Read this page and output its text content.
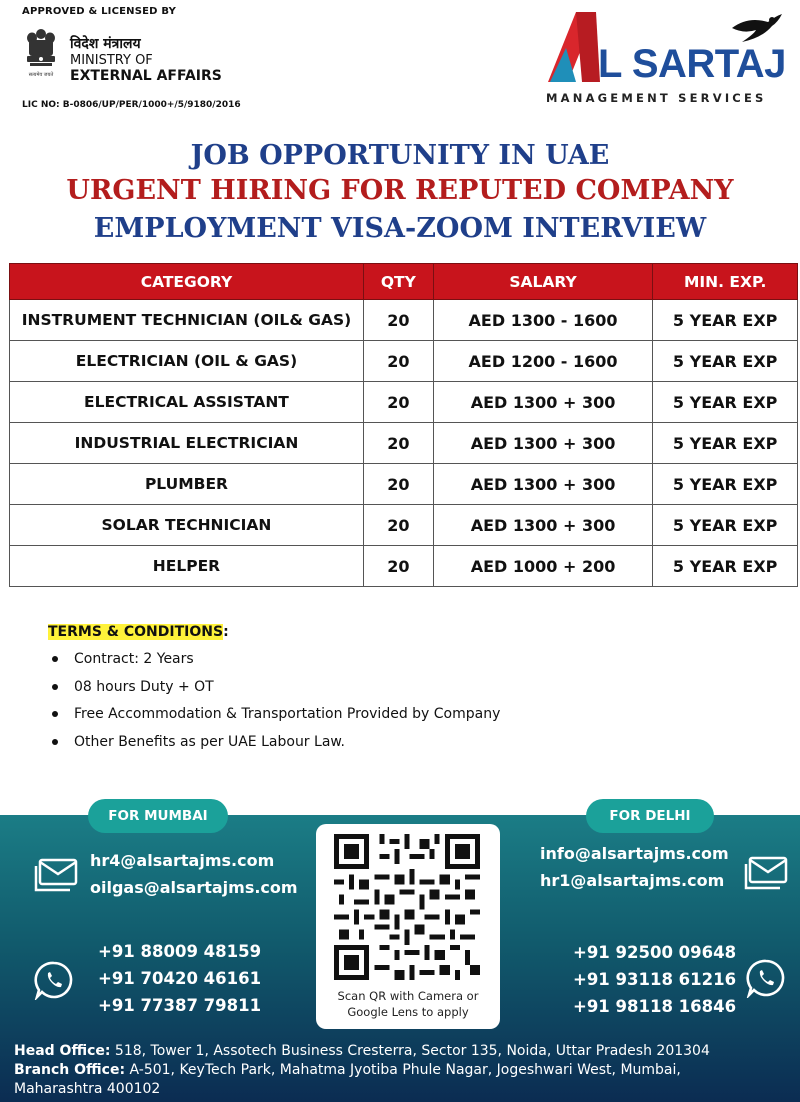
APPROVED & LICENSED BY
सत्यमेव जयते
विदेश मंत्रालय
MINISTRY OF
EXTERNAL AFFAIRS
LIC NO: B-0806/UP/PER/1000+/5/9180/2016
L SARTAJ
MANAGEMENT SERVICES
JOB OPPORTUNITY IN UAE
URGENT HIRING FOR REPUTED COMPANY
EMPLOYMENT VISA-ZOOM INTERVIEW
CATEGORY	QTY	SALARY	MIN. EXP.
INSTRUMENT TECHNICIAN (OIL& GAS)	20	AED 1300 - 1600	5 YEAR EXP
ELECTRICIAN (OIL & GAS)	20	AED 1200 - 1600	5 YEAR EXP
ELECTRICAL ASSISTANT	20	AED 1300 + 300	5 YEAR EXP
INDUSTRIAL ELECTRICIAN	20	AED 1300 + 300	5 YEAR EXP
PLUMBER	20	AED 1300 + 300	5 YEAR EXP
SOLAR TECHNICIAN	20	AED 1300 + 300	5 YEAR EXP
HELPER	20	AED 1000 + 200	5 YEAR EXP
TERMS & CONDITIONS:
Contract: 2 Years
08 hours Duty + OT
Free Accommodation & Transportation Provided by Company
Other Benefits as per UAE Labour Law.
FOR MUMBAI	FOR DELHI
hr4@alsartajms.com
oilgas@alsartajms.com
+91 88009 48159
+91 70420 46161
+91 77387 79811	Scan QR with Camera or
Google Lens to apply
info@alsartajms.com
hr1@alsartajms.com
+91 92500 09648
+91 93118 61216
+91 98118 16846
Head Office: 518, Tower 1, Assotech Business Cresterra, Sector 135, Noida, Uttar Pradesh 201304
Branch Office: A-501, KeyTech Park, Mahatma Jyotiba Phule Nagar, Jogeshwari West, Mumbai,
Maharashtra 400102
